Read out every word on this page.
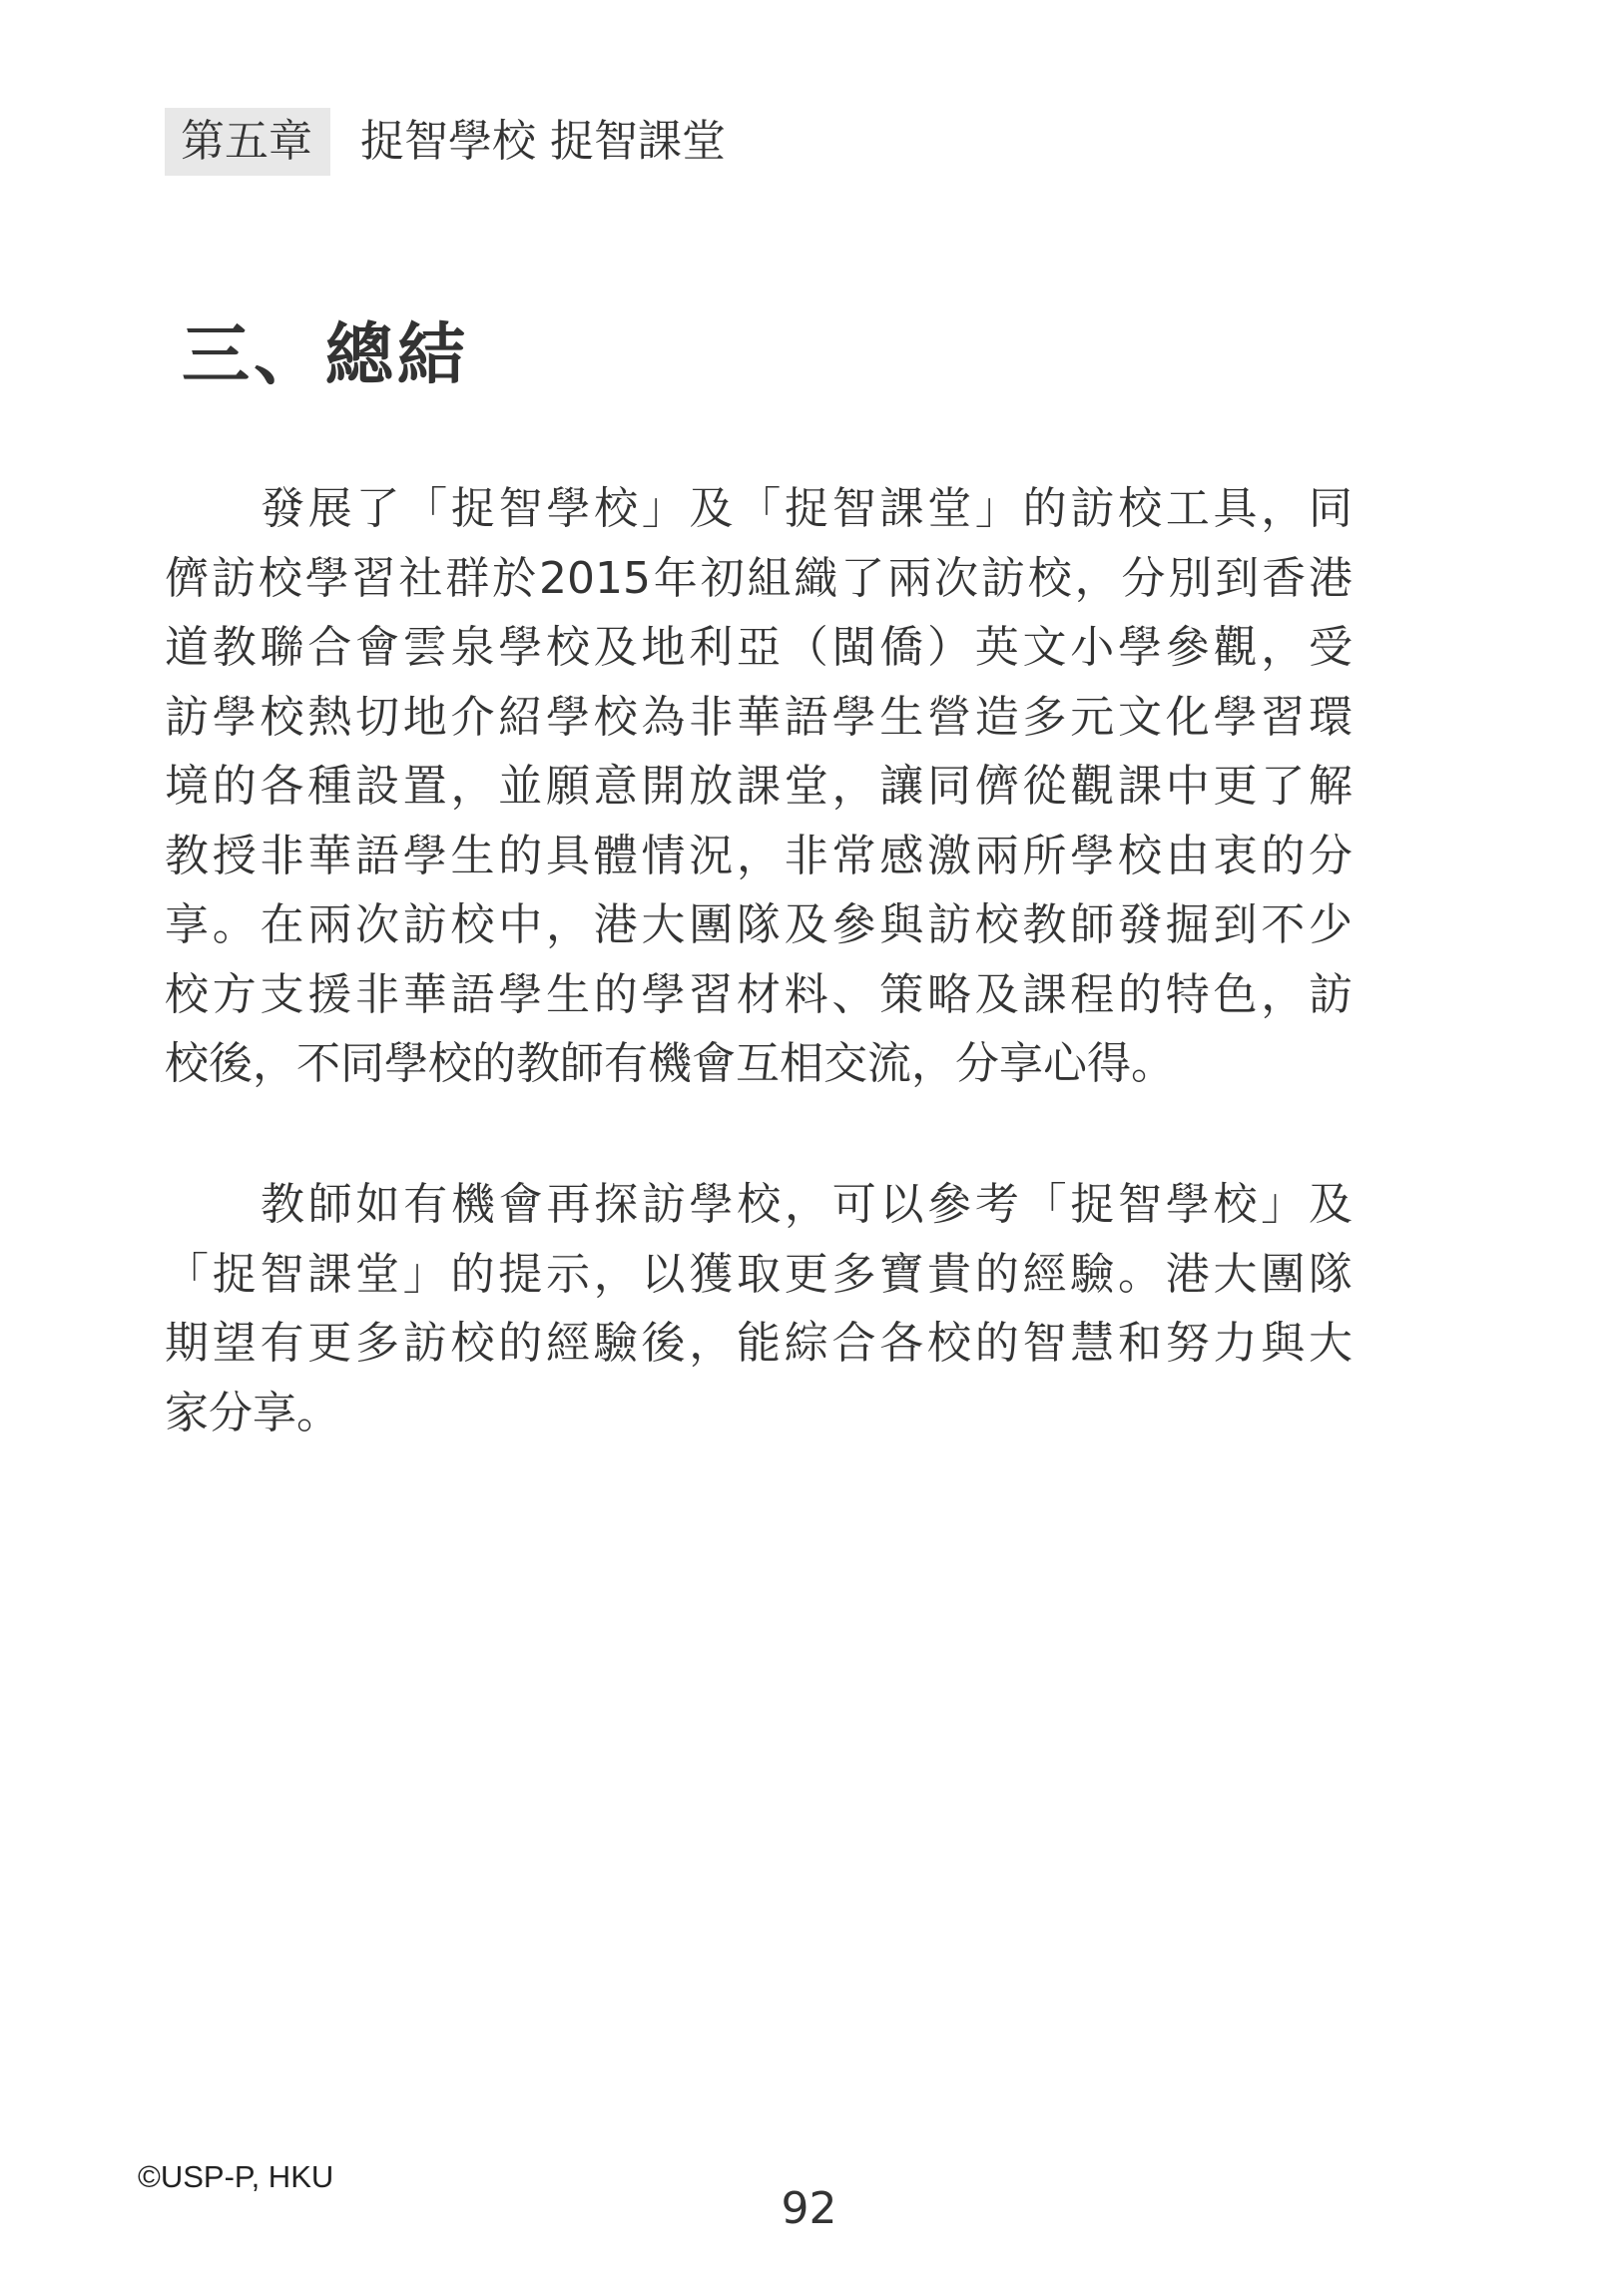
第五章	捉智學校 捉智課堂
三、總結

發展了「捉智學校」及「捉智課堂」的訪校工具，同
儕訪校學習社群於2015年初組織了兩次訪校，分別到香港
道教聯合會雲泉學校及地利亞（閩僑）英文小學參觀，受
訪學校熱切地介紹學校為非華語學生營造多元文化學習環
境的各種設置，並願意開放課堂，讓同儕從觀課中更了解
教授非華語學生的具體情況，非常感激兩所學校由衷的分
享。在兩次訪校中，港大團隊及參與訪校教師發掘到不少
校方支援非華語學生的學習材料、策略及課程的特色，訪
校後，不同學校的教師有機會互相交流，分享心得。

教師如有機會再探訪學校，可以參考「捉智學校」及
「捉智課堂」的提示，以獲取更多寶貴的經驗。港大團隊
期望有更多訪校的經驗後，能綜合各校的智慧和努力與大
家分享。

©USP-P, HKU
92
